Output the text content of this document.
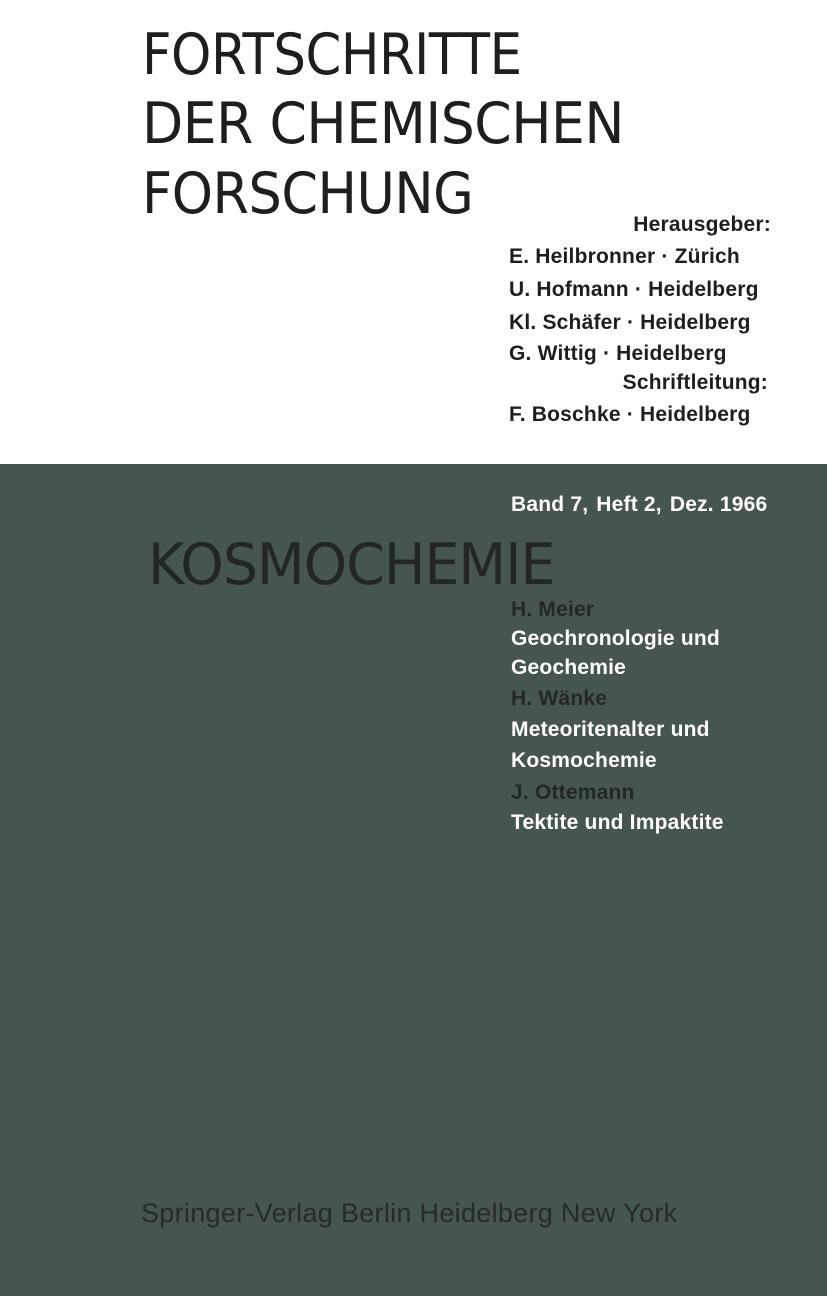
FORTSCHRITTE
DER CHEMISCHEN
FORSCHUNG	Herausgeber:
E. Heilbronner · Zürich
U. Hofmann · Heidelberg
Kl. Schäfer · Heidelberg
G. Wittig · Heidelberg
Schriftleitung:
F. Boschke · Heidelberg
Band 7, Heft 2, Dez. 1966
KOSMOCHEMIE
H. Meier
Geochronologie und
Geochemie
H. Wänke
Meteoritenalter und
Kosmochemie
J. Ottemann
Tektite und Impaktite
Springer-Verlag Berlin Heidelberg New York
